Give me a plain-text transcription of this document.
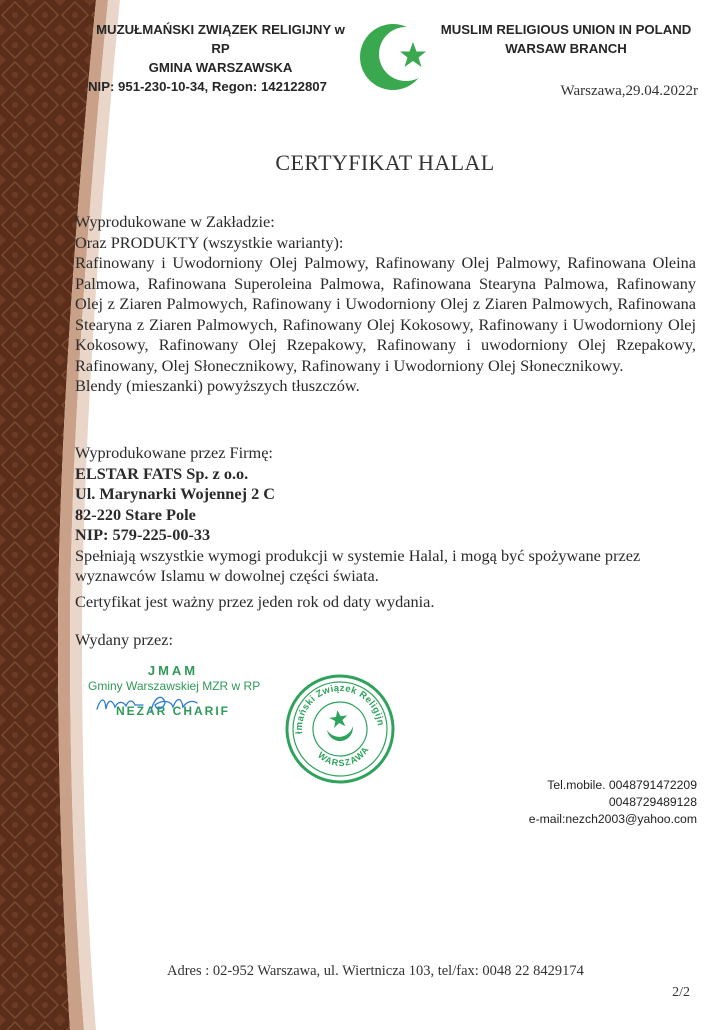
MUZUŁMAŃSKI ZWIĄZEK RELIGIJNY w RP
GMINA WARSZAWSKA
NIP: 951-230-10-34, Regon: 142122807
MUSLIM RELIGIOUS UNION IN POLAND
WARSAW BRANCH
Warszawa,29.04.2022r
CERTYFIKAT HALAL

Wyprodukowane w Zakładzie:

Oraz PRODUKTY (wszystkie warianty):

Rafinowany i Uwodorniony Olej Palmowy, Rafinowany Olej Palmowy, Rafinowana Oleina Palmowa, Rafinowana Superoleina Palmowa, Rafinowana Stearyna Palmowa, Rafinowany Olej z Ziaren Palmowych, Rafinowany i Uwodorniony Olej z Ziaren Palmowych, Rafinowana Stearyna z Ziaren Palmowych, Rafinowany Olej Kokosowy, Rafinowany i Uwodorniony Olej Kokosowy, Rafinowany Olej Rzepakowy, Rafinowany i uwodorniony Olej Rzepakowy, Rafinowany, Olej Słonecznikowy, Rafinowany i Uwodorniony Olej Słonecznikowy.

Blendy (mieszanki) powyższych tłuszczów.

Wyprodukowane przez Firmę:

ELSTAR FATS Sp. z o.o.

Ul. Marynarki Wojennej 2 C

82-220 Stare Pole

NIP: 579-225-00-33

Spełniają wszystkie wymogi produkcji w systemie Halal, i mogą być spożywane przez wyznawców Islamu w dowolnej części świata.

Certyfikat jest ważny przez jeden rok od daty wydania.
Wydany przez:
JMAM
Gminy Warszawskiej MZR w RP
NEZAR CHARIF
Muzułmański Związek Religijny
WARSZAWA
Tel.mobile. 0048791472209
0048729489128
e-mail:nezch2003@yahoo.com
Adres : 02-952 Warszawa, ul. Wiertnicza 103, tel/fax: 0048 22 8429174
2/2
